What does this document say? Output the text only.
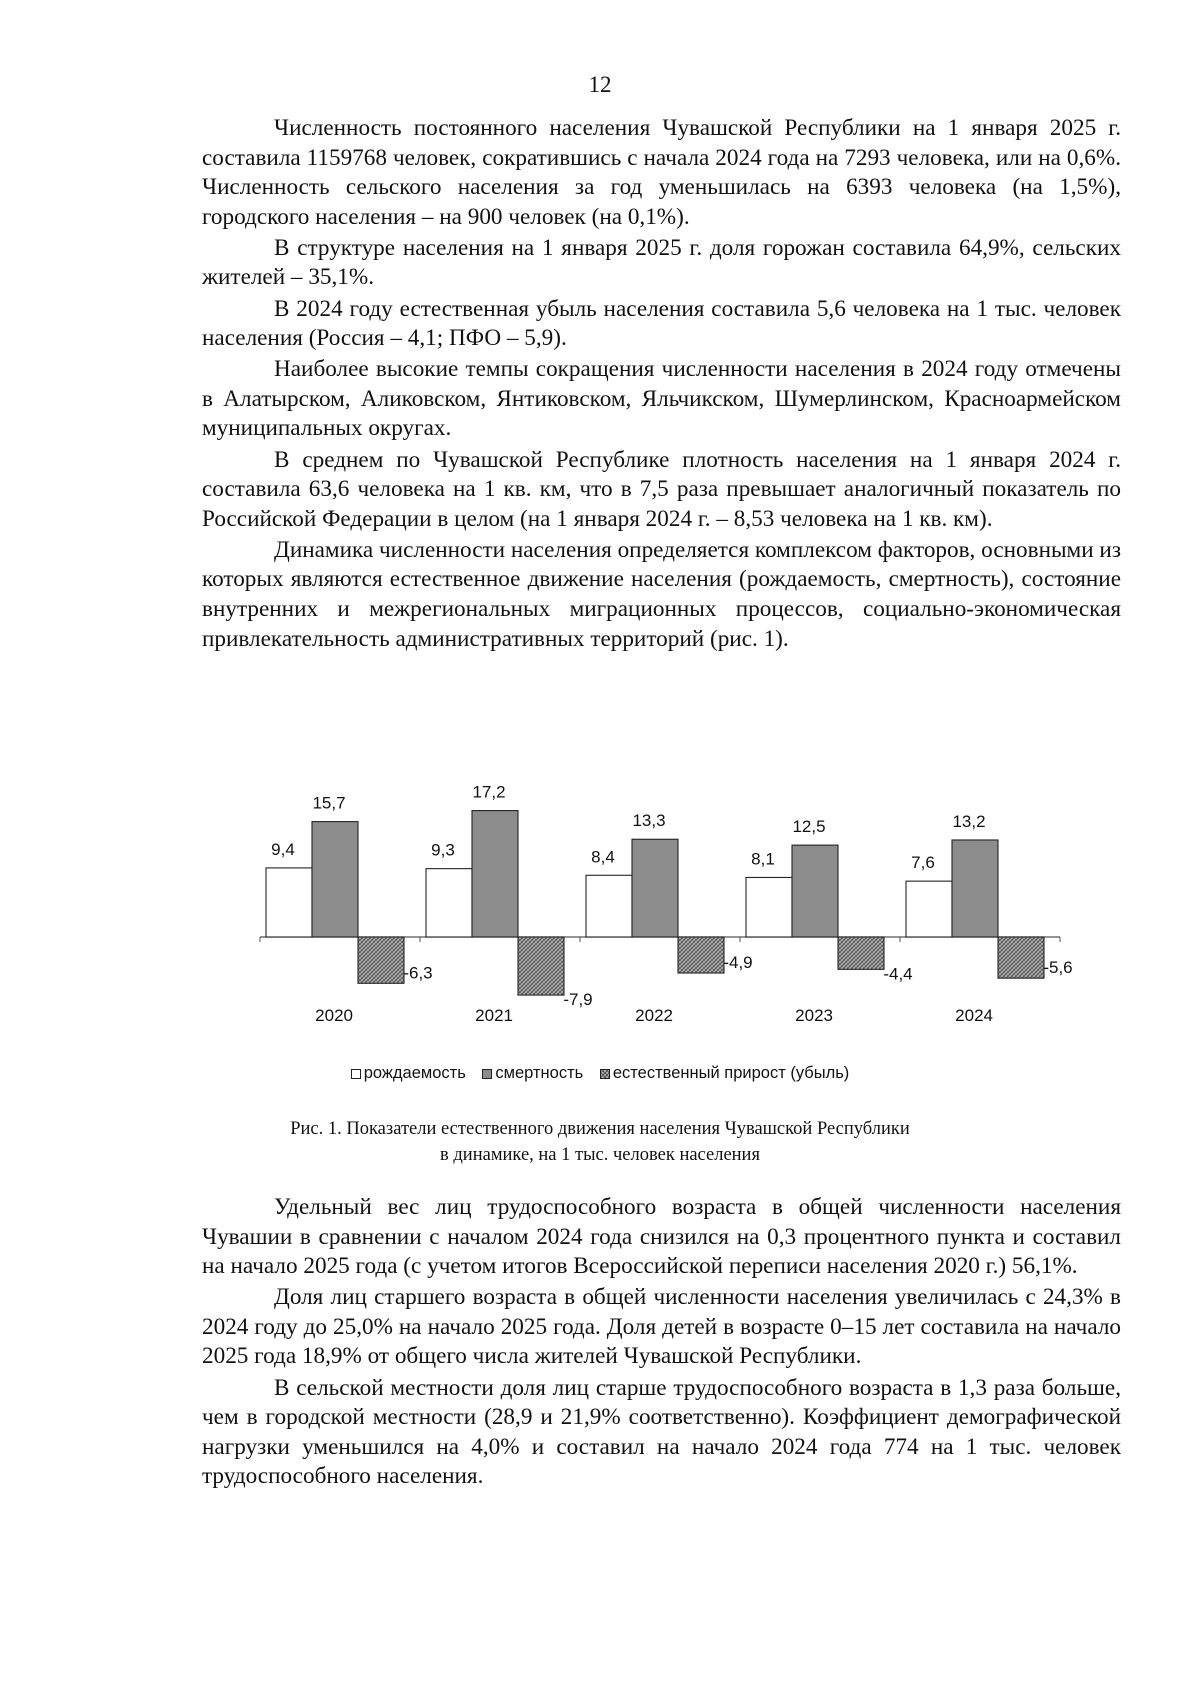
12

Численность постоянного населения Чувашской Республики на 1 января 2025 г. составила 1159768 человек, сократившись с начала 2024 года на 7293 человека, или на 0,6%. Численность сельского населения за год уменьшилась на 6393 человека (на 1,5%), городского населения – на 900 человек (на 0,1%).

В структуре населения на 1 января 2025 г. доля горожан составила 64,9%, сельских жителей – 35,1%.

В 2024 году естественная убыль населения составила 5,6 человека на 1 тыс. человек населения (Россия – 4,1; ПФО – 5,9).

Наиболее высокие темпы сокращения численности населения в 2024 году отмечены в Алатырском, Аликовском, Янтиковском, Яльчикском, Шумерлинском, Красноармейском муниципальных округах.

В среднем по Чувашской Республике плотность населения на 1 января 2024 г. составила 63,6 человека на 1 кв. км, что в 7,5 раза превышает аналогичный показатель по Российской Федерации в целом (на 1 января 2024 г. – 8,53 человека на 1 кв. км).

Динамика численности населения определяется комплексом факторов, основными из которых являются естественное движение населения (рождаемость, смертность), состояние внутренних и межрегиональных миграционных процессов, социально-экономическая привлекательность административных территорий (рис. 1).

9,4
15,7
-6,3
2020
9,3
17,2
-7,9
2021
8,4
13,3
-4,9
2022
8,1
12,5
-4,4
2023
7,6
13,2
-5,6
2024
рождаемость смертность естественный прирост (убыль)
Рис. 1. Показатели естественного движения населения Чувашской Республики
в динамике, на 1 тыс. человек населения

Удельный вес лиц трудоспособного возраста в общей численности населения Чувашии в сравнении с началом 2024 года снизился на 0,3 процентного пункта и составил на начало 2025 года (с учетом итогов Всероссийской переписи населения 2020 г.) 56,1%.

Доля лиц старшего возраста в общей численности населения увеличилась с 24,3% в 2024 году до 25,0% на начало 2025 года. Доля детей в возрасте 0–15 лет составила на начало 2025 года 18,9% от общего числа жителей Чувашской Республики.

В сельской местности доля лиц старше трудоспособного возраста в 1,3 раза больше, чем в городской местности (28,9 и 21,9% соответственно). Коэффициент демографической нагрузки уменьшился на 4,0% и составил на начало 2024 года 774 на 1 тыс. человек трудоспособного населения.
